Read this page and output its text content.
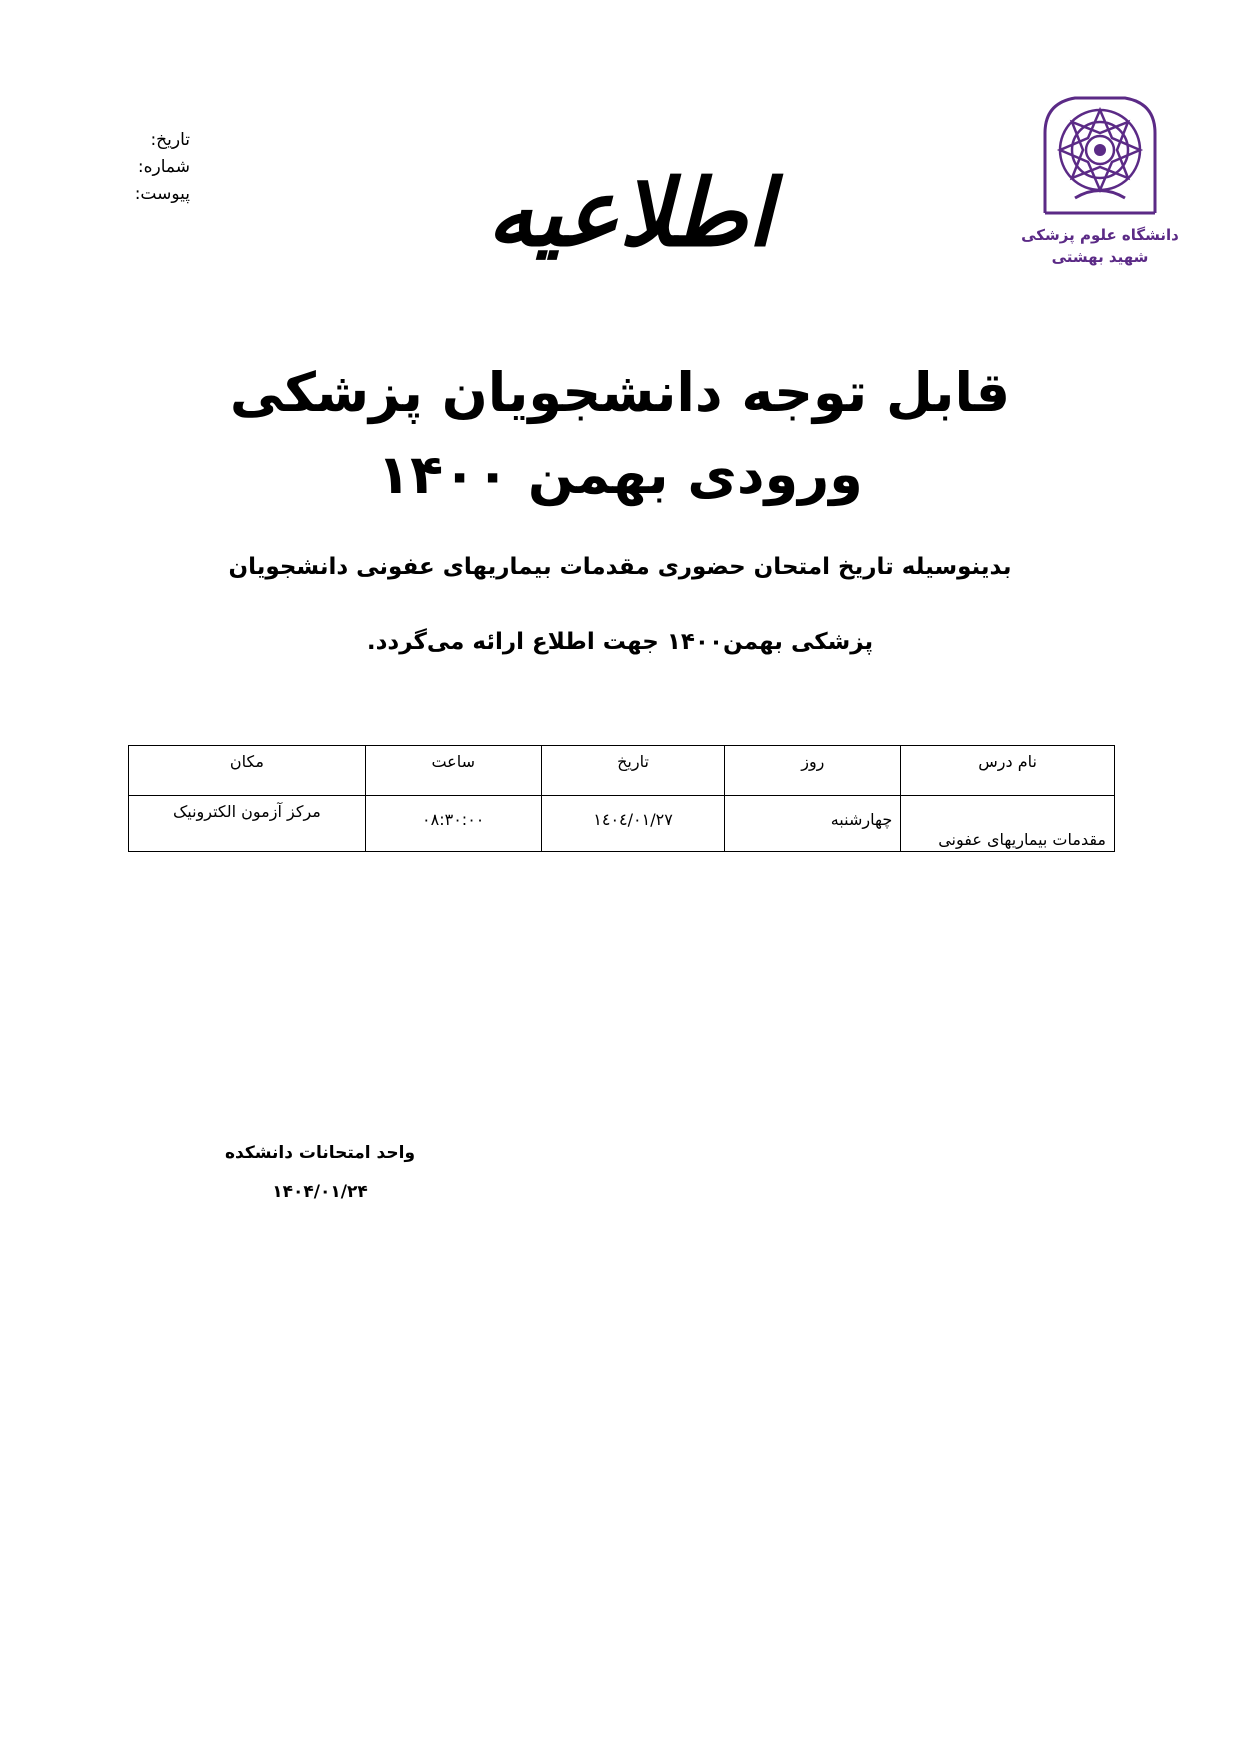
تاریخ:
شماره:
پیوست:
دانشگاه علوم پزشکی
شهید بهشتی
اطلاعیه
قابل توجه دانشجویان پزشکی
ورودی بهمن ۱۴۰۰
بدینوسیله تاریخ امتحان حضوری مقدمات بیماریهای عفونی دانشجویان
پزشکی بهمن۱۴۰۰ جهت اطلاع ارائه می‌گردد.
نام درس	روز	تاریخ	ساعت	مکان
مقدمات بیماریهای عفونی	چهارشنبه	۱٤۰٤/۰۱/۲۷	۰۸:۳۰:۰۰	مرکز آزمون الکترونیک
واحد امتحانات دانشکده
۱۴۰۴/۰۱/۲۴
